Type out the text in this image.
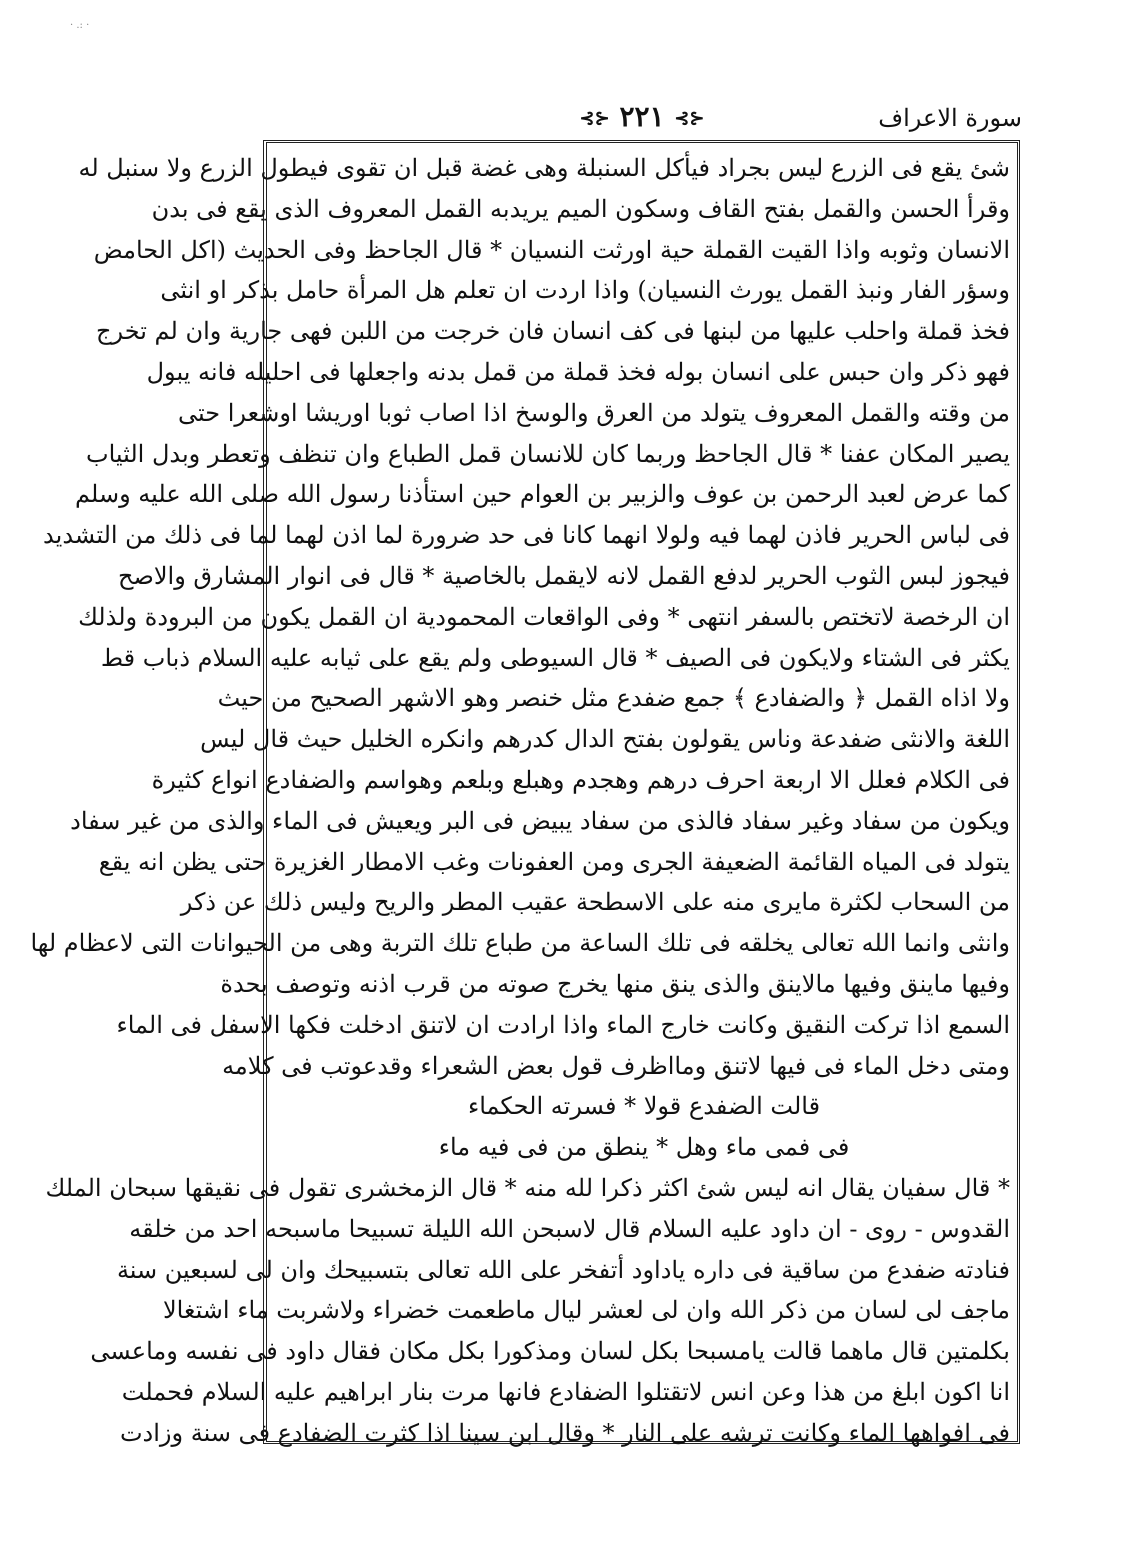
· .: ·
سورة الاعراف
⊰⊱ ٢٢١ ⊰⊱
شئ يقع فى الزرع ليس بجراد فيأكل السنبلة وهى غضة قبل ان تقوى فيطول الزرع ولا سنبل له
وقرأ الحسن والقمل بفتح القاف وسكون الميم يريدبه القمل المعروف الذى يقع فى بدن
الانسان وثوبه واذا القيت القملة حية اورثت النسيان * قال الجاحظ وفى الحديث (اكل الحامض
وسؤر الفار ونبذ القمل يورث النسيان) واذا اردت ان تعلم هل المرأة حامل بذكر او انثى
فخذ قملة واحلب عليها من لبنها فى كف انسان فان خرجت من اللبن فهى جارية وان لم تخرج
فهو ذكر وان حبس على انسان بوله فخذ قملة من قمل بدنه واجعلها فى احليله فانه يبول
من وقته والقمل المعروف يتولد من العرق والوسخ اذا اصاب ثوبا اوريشا اوشعرا حتى
يصير المكان عفنا * قال الجاحظ وربما كان للانسان قمل الطباع وان تنظف وتعطر وبدل الثياب
كما عرض لعبد الرحمن بن عوف والزبير بن العوام حين استأذنا رسول الله صلى الله عليه وسلم
فى لباس الحرير فاذن لهما فيه ولولا انهما كانا فى حد ضرورة لما اذن لهما لما فى ذلك من التشديد
فيجوز لبس الثوب الحرير لدفع القمل لانه لايقمل بالخاصية * قال فى انوار المشارق والاصح
ان الرخصة لاتختص بالسفر انتهى * وفى الواقعات المحمودية ان القمل يكون من البرودة ولذلك
يكثر فى الشتاء ولايكون فى الصيف * قال السيوطى ولم يقع على ثيابه عليه السلام ذباب قط
ولا اذاه القمل ﴿ والضفادع ﴾ جمع ضفدع مثل خنصر وهو الاشهر الصحيح من حيث
اللغة والانثى ضفدعة وناس يقولون بفتح الدال كدرهم وانكره الخليل حيث قال ليس
فى الكلام فعلل الا اربعة احرف درهم وهجدم وهبلع وبلعم وهواسم والضفادع انواع كثيرة
ويكون من سفاد وغير سفاد فالذى من سفاد يبيض فى البر ويعيش فى الماء والذى من غير سفاد
يتولد فى المياه القائمة الضعيفة الجرى ومن العفونات وغب الامطار الغزيرة حتى يظن انه يقع
من السحاب لكثرة مايرى منه على الاسطحة عقيب المطر والريح وليس ذلك عن ذكر
وانثى وانما الله تعالى يخلقه فى تلك الساعة من طباع تلك التربة وهى من الحيوانات التى لاعظام لها
وفيها ماينق وفيها مالاينق والذى ينق منها يخرج صوته من قرب اذنه وتوصف بحدة
السمع اذا تركت النقيق وكانت خارج الماء واذا ارادت ان لاتنق ادخلت فكها الاسفل فى الماء
ومتى دخل الماء فى فيها لاتنق ومااظرف قول بعض الشعراء وقدعوتب فى كلامه
قالت الضفدع قولا * فسرته الحكماء
فى فمى ماء وهل * ينطق من فى فيه ماء
* قال سفيان يقال انه ليس شئ اكثر ذكرا لله منه * قال الزمخشرى تقول فى نقيقها سبحان الملك
القدوس - روى - ان داود عليه السلام قال لاسبحن الله الليلة تسبيحا ماسبحه احد من خلقه
فنادته ضفدع من ساقية فى داره ياداود أتفخر على الله تعالى بتسبيحك وان لى لسبعين سنة
ماجف لى لسان من ذكر الله وان لى لعشر ليال ماطعمت خضراء ولاشربت ماء اشتغالا
بكلمتين قال ماهما قالت يامسبحا بكل لسان ومذكورا بكل مكان فقال داود فى نفسه وماعسى
انا اكون ابلغ من هذا وعن انس لاتقتلوا الضفادع فانها مرت بنار ابراهيم عليه السلام فحملت
فى افواهها الماء وكانت ترشه على النار * وقال ابن سينا اذا كثرت الضفادع فى سنة وزادت
